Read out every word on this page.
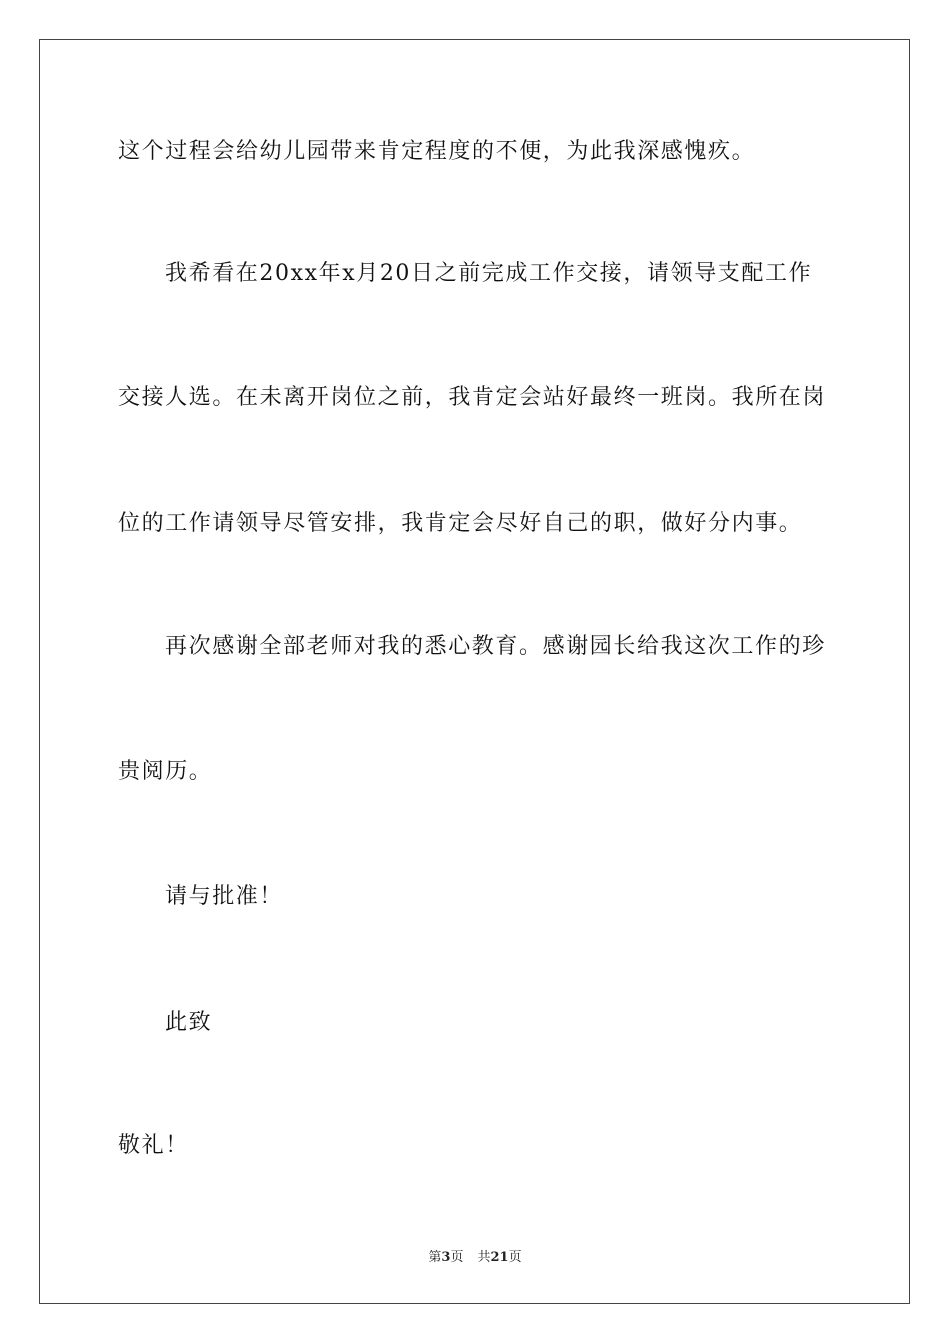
这个过程会给幼儿园带来肯定程度的不便，为此我深感愧疚。
我希看在20xx年x月20日之前完成工作交接，请领导支配工作
交接人选。在未离开岗位之前，我肯定会站好最终一班岗。我所在岗
位的工作请领导尽管安排，我肯定会尽好自己的职，做好分内事。
再次感谢全部老师对我的悉心教育。感谢园长给我这次工作的珍
贵阅历。
请与批准！
此致
敬礼！
第3页 共21页
